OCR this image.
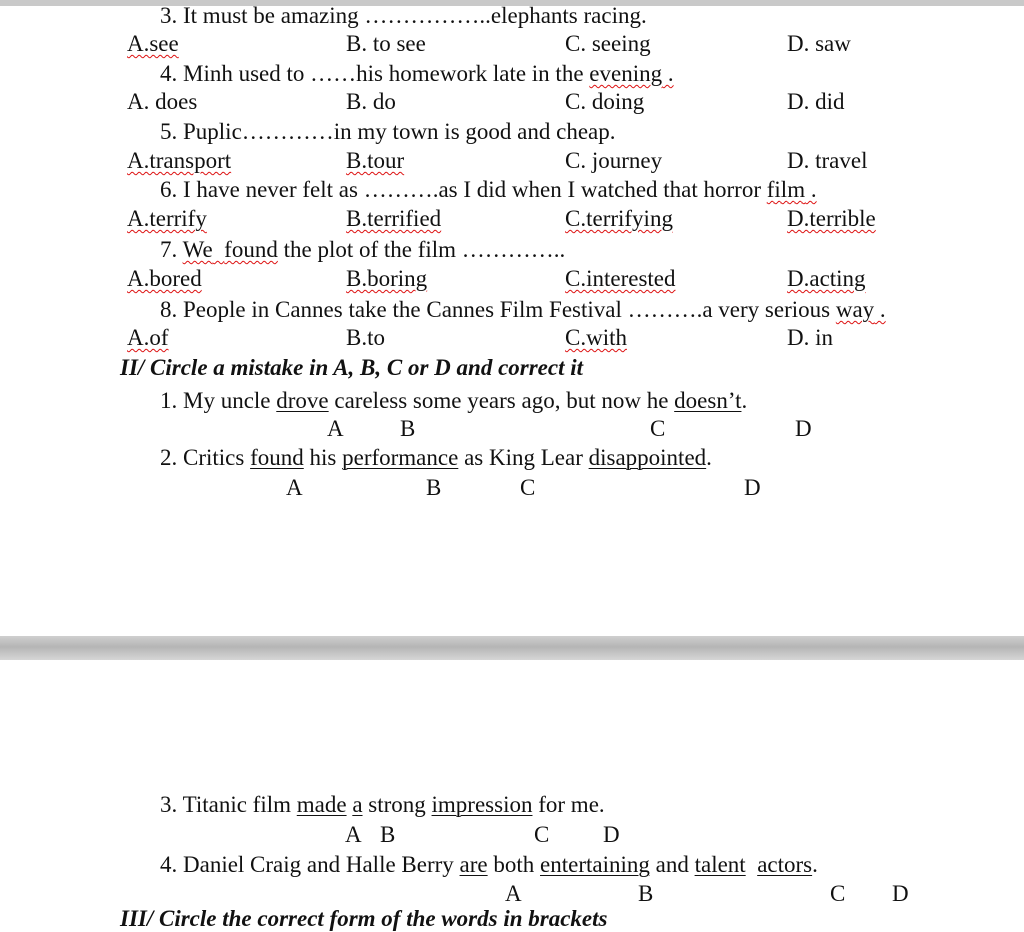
3. It must be amazing ……………..elephants racing.
A.see	B. to see	C. seeing	D. saw
4. Minh used to ……his homework late in the evening .
A. does	B. do	C. doing	D. did
5. Puplic…………in my town is good and cheap.
A.transport	B.tour	C. journey	D. travel
6. I have never felt as ……….as I did when I watched that horror film .
A.terrify	B.terrified	C.terrifying	D.terrible
7. We found the plot of the film …………..
A.bored	B.boring	C.interested	D.acting
8. People in Cannes take the Cannes Film Festival ……….a very serious way .
A.of	B.to	C.with	D. in
II/ Circle a mistake in A, B, C or D and correct it
1. My uncle drove careless some years ago, but now he doesn’t.
A B	C	D
2. Critics found his performance as King Lear disappointed.
A	B	C	D
3. Titanic film made a strong impression for me.
A B	C D
4. Daniel Craig and Halle Berry are both entertaining and talent actors.
A	B	C D
III/ Circle the correct form of the words in brackets
